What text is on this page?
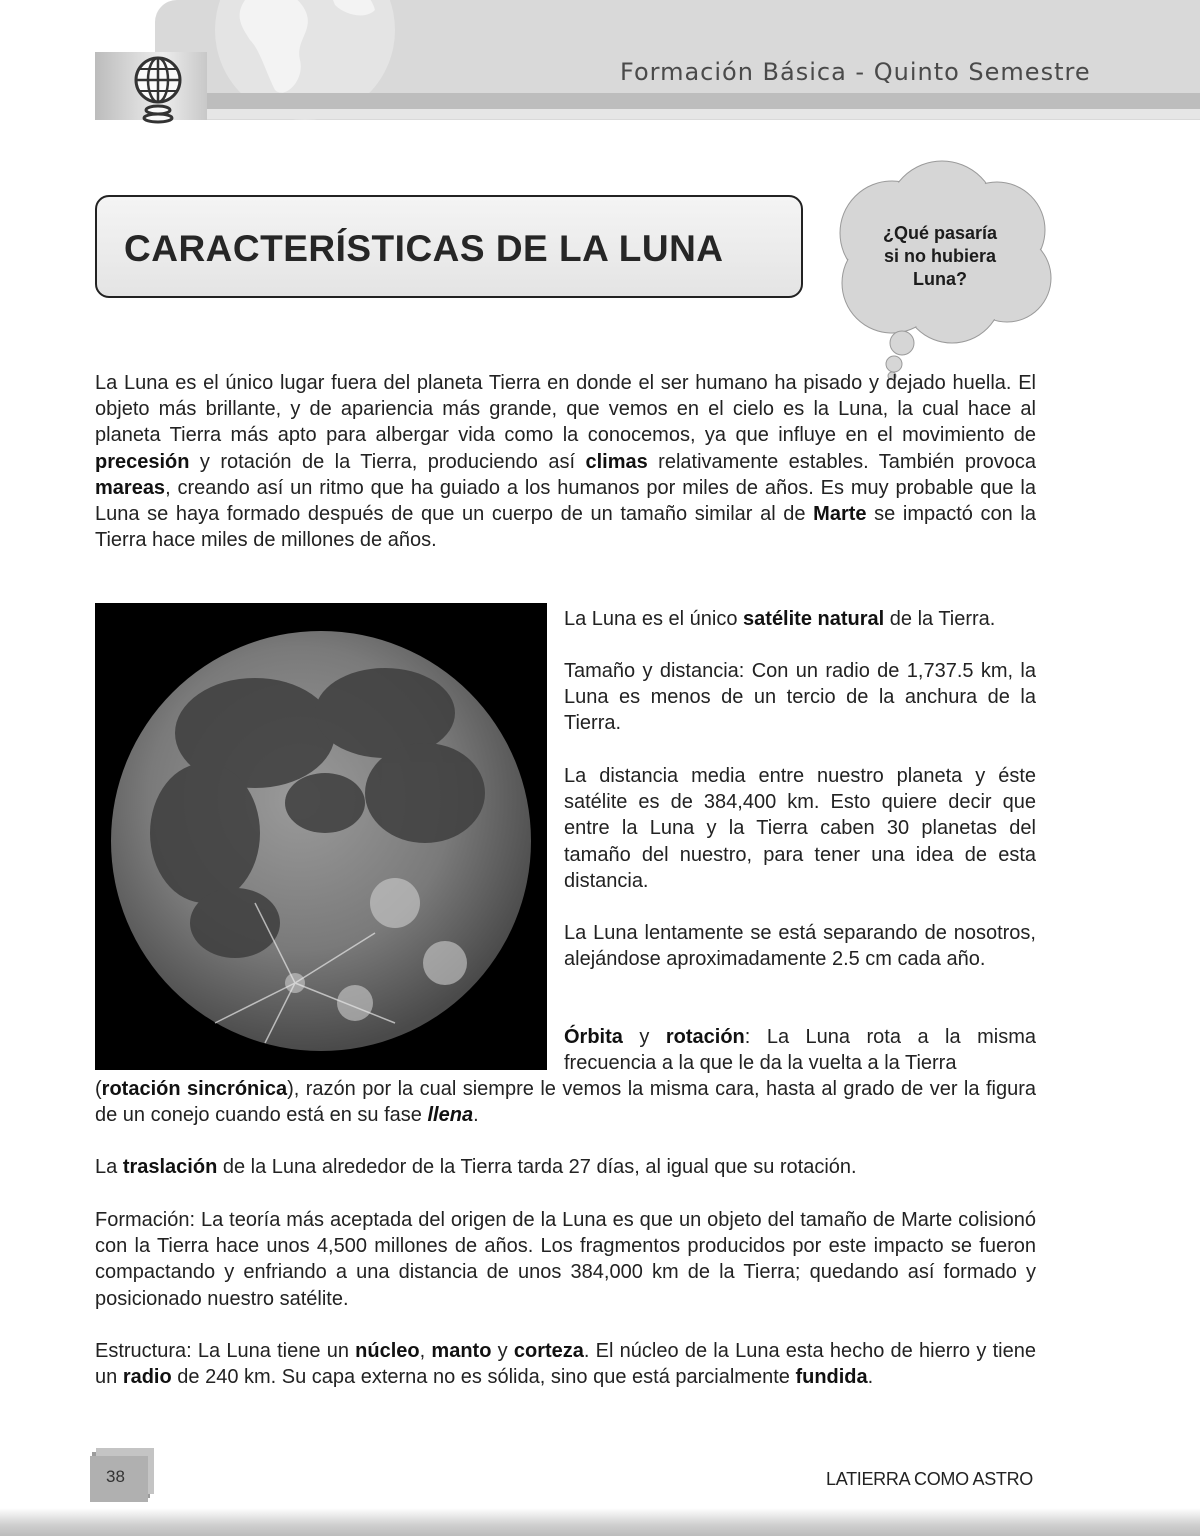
Formación Básica - Quinto Semestre
CARACTERÍSTICAS DE LA LUNA	¿Qué pasaría
si no hubiera
Luna?
La Luna es el único lugar fuera del planeta Tierra en donde el ser humano ha pisado y dejado huella. El objeto más brillante, y de apariencia más grande, que vemos en el cielo es la Luna, la cual hace al planeta Tierra más apto para albergar vida como la conocemos, ya que influye en el movimiento de precesión y rotación de la Tierra, produciendo así climas relativamente estables. También provoca mareas, creando así un ritmo que ha guiado a los humanos por miles de años. Es muy probable que la Luna se haya formado después de que un cuerpo de un tamaño similar al de Marte se impactó con la Tierra hace miles de millones de años.
La Luna es el único satélite natural de la Tierra.
Tamaño y distancia: Con un radio de 1,737.5 km, la Luna es menos de un tercio de la anchura de la Tierra.
La distancia media entre nuestro planeta y éste satélite es de 384,400 km. Esto quiere decir que entre la Luna y la Tierra caben 30 planetas del tamaño del nuestro, para tener una idea de esta distancia.
La Luna lentamente se está separando de nosotros, alejándose aproximadamente 2.5 cm cada año.
Órbita y rotación: La Luna rota a la misma frecuencia a la que le da la vuelta a la Tierra
(rotación sincrónica), razón por la cual siempre le vemos la misma cara, hasta al grado de ver la figura de un conejo cuando está en su fase llena.
La traslación de la Luna alrededor de la Tierra tarda 27 días, al igual que su rotación.
Formación: La teoría más aceptada del origen de la Luna es que un objeto del tamaño de Marte colisionó con la Tierra hace unos 4,500 millones de años. Los fragmentos producidos por este impacto se fueron compactando y enfriando a una distancia de unos 384,000 km de la Tierra; quedando así formado y posicionado nuestro satélite.
Estructura: La Luna tiene un núcleo, manto y corteza. El núcleo de la Luna esta hecho de hierro y tiene un radio de 240 km. Su capa externa no es sólida, sino que está parcialmente fundida.
38	LATIERRA COMO ASTRO
